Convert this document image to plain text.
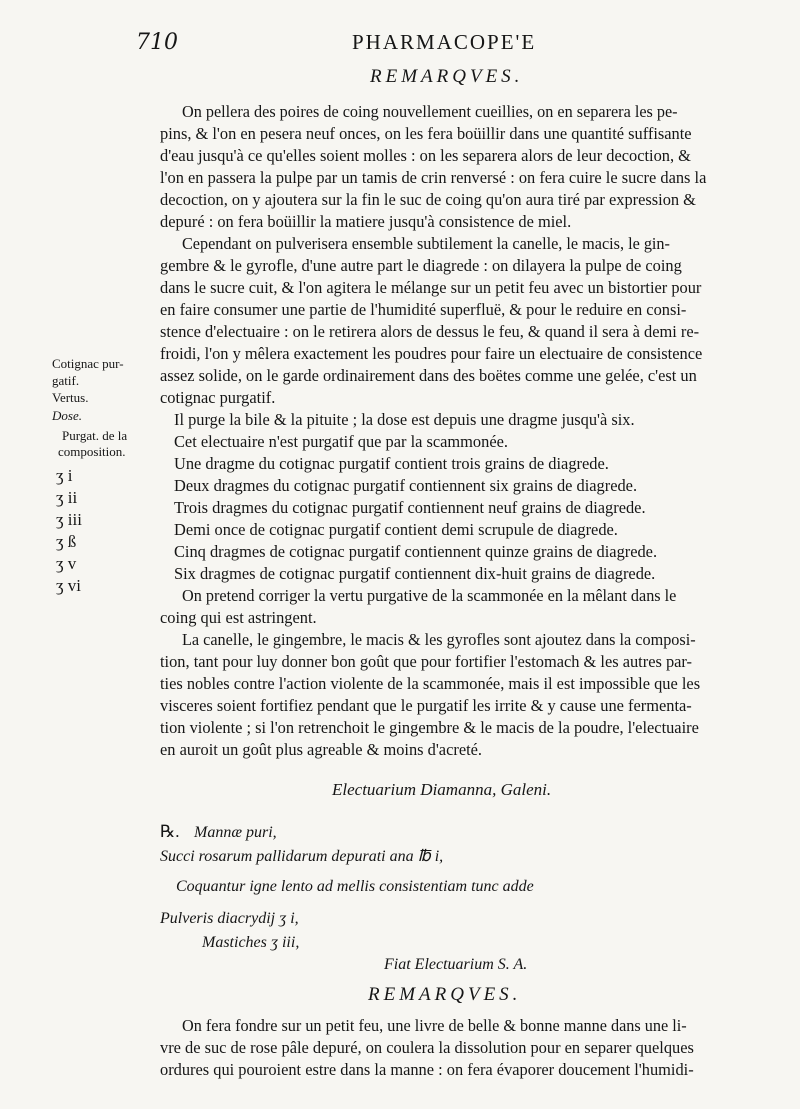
710	PHARMACOPE'E
REMARQVES.
On pellera des poires de coing nouvellement cueillies, on en separera les pe-
pins, & l'on en pesera neuf onces, on les fera boüillir dans une quantité suffisante
d'eau jusqu'à ce qu'elles soient molles : on les separera alors de leur decoction, &
l'on en passera la pulpe par un tamis de crin renversé : on fera cuire le sucre dans la
decoction, on y ajoutera sur la fin le suc de coing qu'on aura tiré par expression &
depuré : on fera boüillir la matiere jusqu'à consistence de miel.
Cependant on pulverisera ensemble subtilement la canelle, le macis, le gin-
gembre & le gyrofle, d'une autre part le diagrede : on dilayera la pulpe de coing
dans le sucre cuit, & l'on agitera le mélange sur un petit feu avec un bistortier pour
en faire consumer une partie de l'humidité superfluë, & pour le reduire en consi-
stence d'electuaire : on le retirera alors de dessus le feu, & quand il sera à demi re-
froidi, l'on y mêlera exactement les poudres pour faire un electuaire de consistence
assez solide, on le garde ordinairement dans des boëtes comme une gelée, c'est un
cotignac purgatif.
Cotignac pur-
gatif.
Vertus.
Dose.
Purgat. de la
composition.
ʒ i
ʒ ii
ʒ iii
ʒ ß
ʒ v
ʒ vi
Il purge la bile & la pituite ; la dose est depuis une dragme jusqu'à six.
Cet electuaire n'est purgatif que par la scammonée.
Une dragme du cotignac purgatif contient trois grains de diagrede.
Deux dragmes du cotignac purgatif contiennent six grains de diagrede.
Trois dragmes du cotignac purgatif contiennent neuf grains de diagrede.
Demi once de cotignac purgatif contient demi scrupule de diagrede.
Cinq dragmes de cotignac purgatif contiennent quinze grains de diagrede.
Six dragmes de cotignac purgatif contiennent dix-huit grains de diagrede.
On pretend corriger la vertu purgative de la scammonée en la mêlant dans le
coing qui est astringent.
La canelle, le gingembre, le macis & les gyrofles sont ajoutez dans la composi-
tion, tant pour luy donner bon goût que pour fortifier l'estomach & les autres par-
ties nobles contre l'action violente de la scammonée, mais il est impossible que les
visceres soient fortifiez pendant que le purgatif les irrite & y cause une fermenta-
tion violente ; si l'on retrenchoit le gingembre & le macis de la poudre, l'electuaire
en auroit un goût plus agreable & moins d'acreté.
Electuarium Diamanna, Galeni.
℞. Mannæ puri,
Succi rosarum pallidarum depurati ana ℔ i,
Coquantur igne lento ad mellis consistentiam tunc adde
Pulveris diacrydij ʒ i,
Mastiches ʒ iii,
Fiat Electuarium S. A.
REMARQVES.
On fera fondre sur un petit feu, une livre de belle & bonne manne dans une li-
vre de suc de rose pâle depuré, on coulera la dissolution pour en separer quelques
ordures qui pouroient estre dans la manne : on fera évaporer doucement l'humidi-
